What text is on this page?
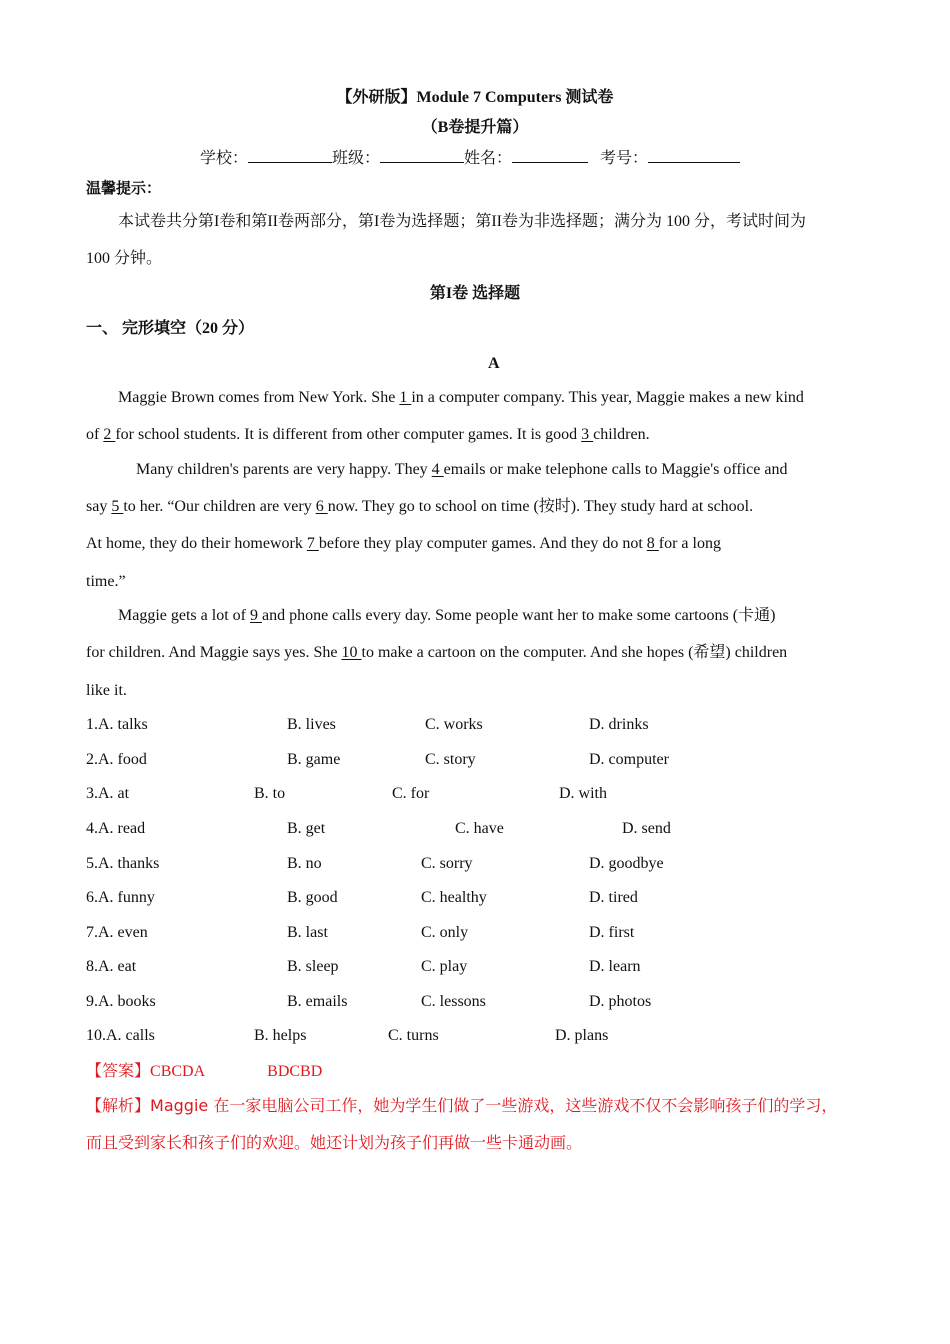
【外研版】Module 7 Computers 测试卷
（B卷提升篇）
学校：	班级：	姓名：	考号：
温馨提示：
本试卷共分第I卷和第II卷两部分，第I卷为选择题；第II卷为非选择题；满分为 100 分，考试时间为
100 分钟。
第I卷 选择题
一、 完形填空（20 分）
A
Maggie Brown comes from New York. She 1 in a computer company. This year, Maggie makes a new kind
of 2 for school students. It is different from other computer games. It is good 3 children.
Many children's parents are very happy. They 4 emails or make telephone calls to Maggie's office and
say 5 to her. “Our children are very 6 now. They go to school on time (按时). They study hard at school.
At home, they do their homework 7 before they play computer games. And they do not 8 for a long
time.”
Maggie gets a lot of 9 and phone calls every day. Some people want her to make some cartoons (卡通)
for children. And Maggie says yes. She 10 to make a cartoon on the computer. And she hopes (希望) children
like it.
1.A. talks	B. lives	C. works	D. drinks
2.A. food	B. game	C. story	D. computer
3.A. at	B. to	C. for	D. with
4.A. read	B. get	C. have	D. send
5.A. thanks	B. no	C. sorry	D. goodbye
6.A. funny	B. good	C. healthy	D. tired
7.A. even	B. last	C. only	D. first
8.A. eat	B. sleep	C. play	D. learn
9.A. books	B. emails	C. lessons	D. photos
10.A. calls	B. helps	C. turns	D. plans
【答案】CBCDA	BDCBD
【解析】Maggie 在一家电脑公司工作，她为学生们做了一些游戏，这些游戏不仅不会影响孩子们的学习，
而且受到家长和孩子们的欢迎。她还计划为孩子们再做一些卡通动画。
